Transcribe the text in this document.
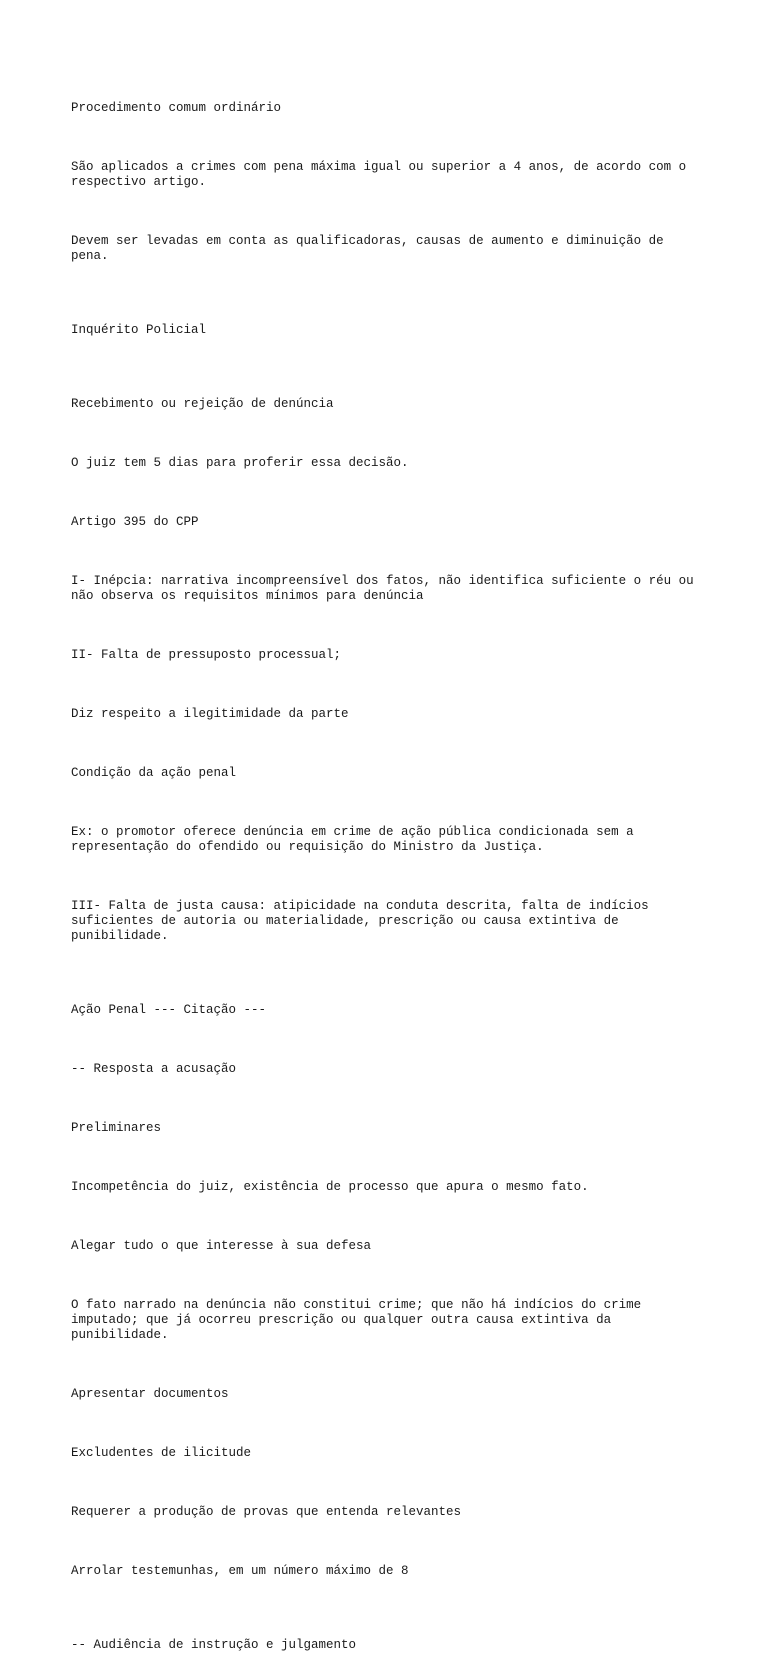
Procedimento comum ordinário

São aplicados a crimes com pena máxima igual ou superior a 4 anos, de acordo com o respectivo artigo.

Devem ser levadas em conta as qualificadoras, causas de aumento e diminuição de pena.

Inquérito Policial

Recebimento ou rejeição de denúncia

O juiz tem 5 dias para proferir essa decisão.

Artigo 395 do CPP

I- Inépcia: narrativa incompreensível dos fatos, não identifica suficiente o réu ou não observa os requisitos mínimos para denúncia

II- Falta de pressuposto processual;

Diz respeito a ilegitimidade da parte

Condição da ação penal

Ex: o promotor oferece denúncia em crime de ação pública condicionada sem a representação do ofendido ou requisição do Ministro da Justiça.

III- Falta de justa causa: atipicidade na conduta descrita, falta de indícios suficientes de autoria ou materialidade, prescrição ou causa extintiva de punibilidade.

Ação Penal --- Citação ---

-- Resposta a acusação

Preliminares

Incompetência do juiz, existência de processo que apura o mesmo fato.

Alegar tudo o que interesse à sua defesa

O fato narrado na denúncia não constitui crime; que não há indícios do crime imputado; que já ocorreu prescrição ou qualquer outra causa extintiva da punibilidade.

Apresentar documentos

Excludentes de ilicitude

Requerer a produção de provas que entenda relevantes

Arrolar testemunhas, em um número máximo de 8

-- Audiência de instrução e julgamento
